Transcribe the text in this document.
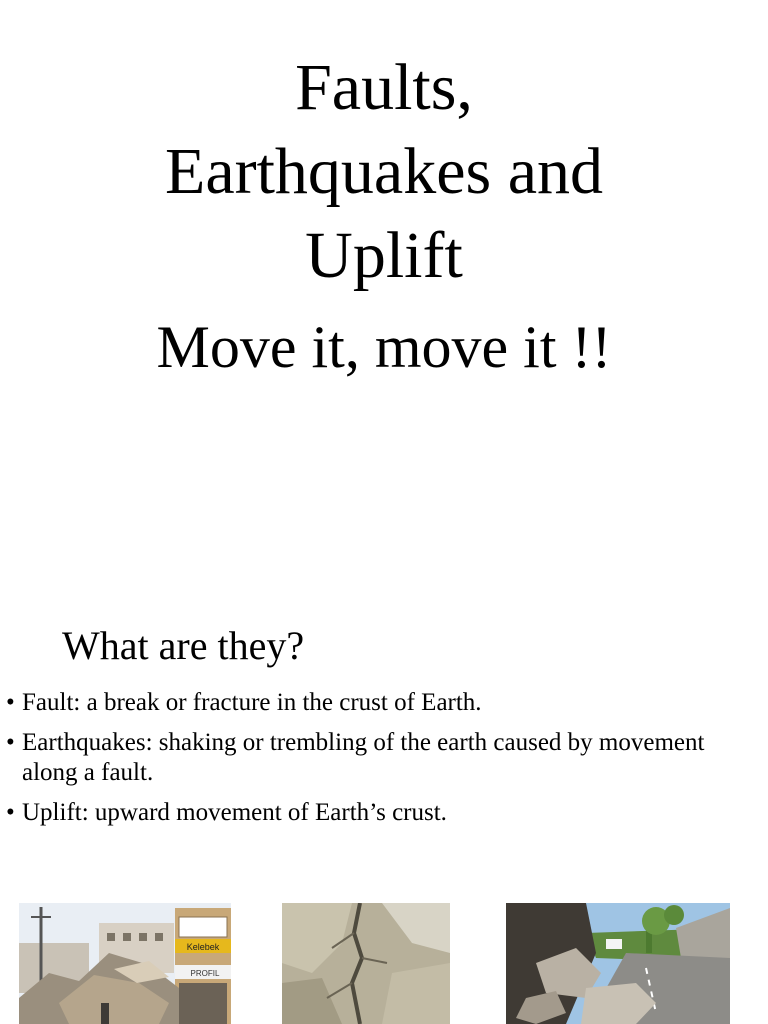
Faults,
Earthquakes and
Uplift

Move it, move it !!

What are they?
• Fault: a break or fracture in the crust of Earth.
• Earthquakes: shaking or trembling of the earth caused by movement along a fault.
• Uplift: upward movement of Earth’s crust.
Kelebek
PROFIL
